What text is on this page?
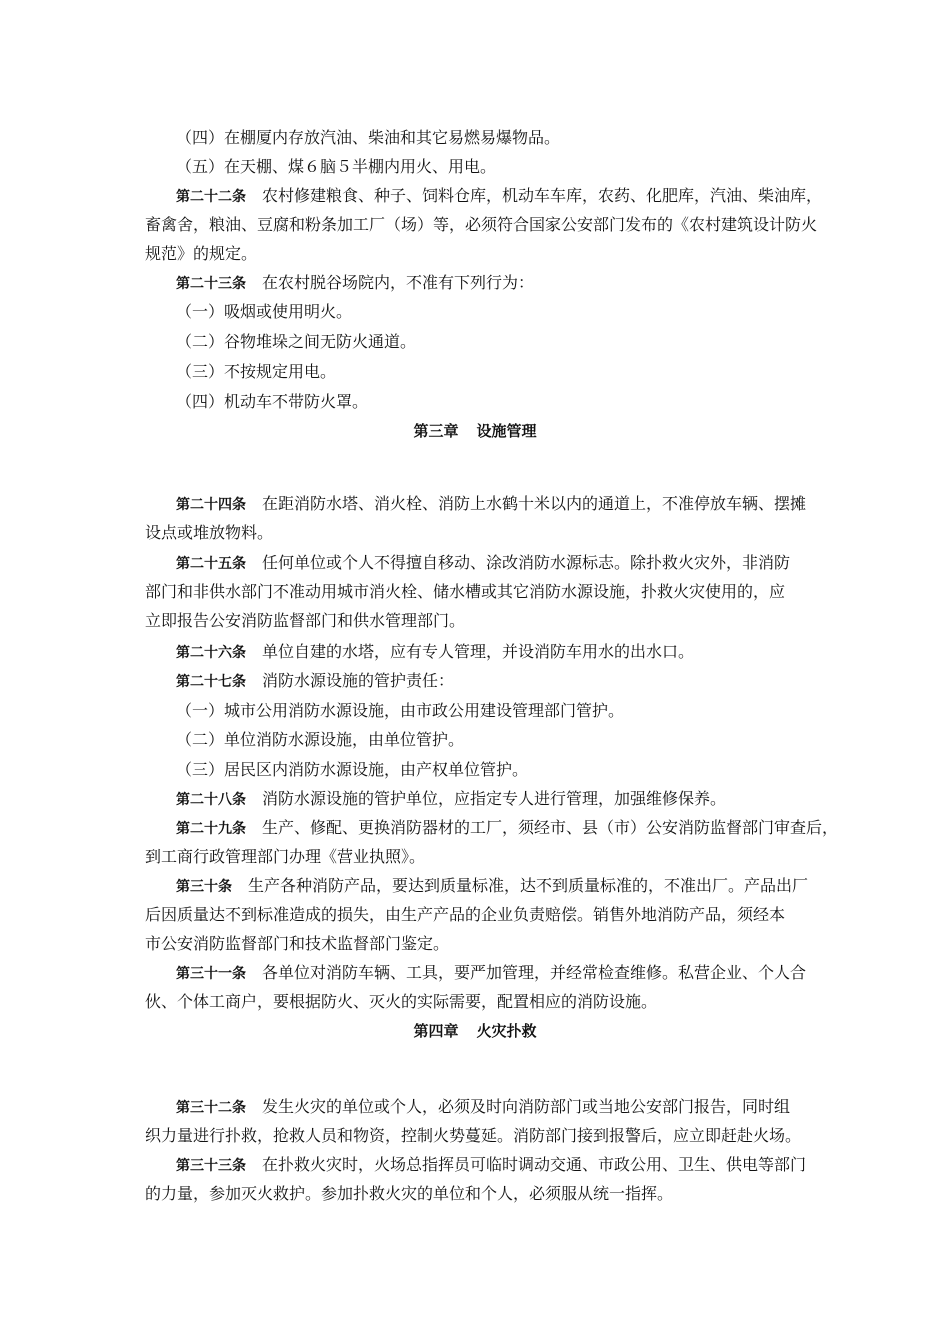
（四）在棚厦内存放汽油、柴油和其它易燃易爆物品。
（五）在天棚、煤６脑５半棚内用火、用电。
第二十二条 农村修建粮食、种子、饲料仓库，机动车车库，农药、化肥库，汽油、柴油库，
畜禽舍，粮油、豆腐和粉条加工厂（场）等，必须符合国家公安部门发布的《农村建筑设计防火
规范》的规定。
第二十三条 在农村脱谷场院内，不准有下列行为：
（一）吸烟或使用明火。
（二）谷物堆垛之间无防火通道。
（三）不按规定用电。
（四）机动车不带防火罩。
第三章 设施管理
第二十四条 在距消防水塔、消火栓、消防上水鹤十米以内的通道上，不准停放车辆、摆摊
设点或堆放物料。
第二十五条 任何单位或个人不得擅自移动、涂改消防水源标志。除扑救火灾外，非消防
部门和非供水部门不准动用城市消火栓、储水槽或其它消防水源设施，扑救火灾使用的，应
立即报告公安消防监督部门和供水管理部门。
第二十六条 单位自建的水塔，应有专人管理，并设消防车用水的出水口。
第二十七条 消防水源设施的管护责任：
（一）城市公用消防水源设施，由市政公用建设管理部门管护。
（二）单位消防水源设施，由单位管护。
（三）居民区内消防水源设施，由产权单位管护。
第二十八条 消防水源设施的管护单位，应指定专人进行管理，加强维修保养。
第二十九条 生产、修配、更换消防器材的工厂，须经市、县（市）公安消防监督部门审查后，
到工商行政管理部门办理《营业执照》。
第三十条 生产各种消防产品，要达到质量标准，达不到质量标准的，不准出厂。产品出厂
后因质量达不到标准造成的损失，由生产产品的企业负责赔偿。销售外地消防产品，须经本
市公安消防监督部门和技术监督部门鉴定。
第三十一条 各单位对消防车辆、工具，要严加管理，并经常检查维修。私营企业、个人合
伙、个体工商户，要根据防火、灭火的实际需要，配置相应的消防设施。
第四章 火灾扑救
第三十二条 发生火灾的单位或个人，必须及时向消防部门或当地公安部门报告，同时组
织力量进行扑救，抢救人员和物资，控制火势蔓延。消防部门接到报警后，应立即赶赴火场。
第三十三条 在扑救火灾时，火场总指挥员可临时调动交通、市政公用、卫生、供电等部门
的力量，参加灭火救护。参加扑救火灾的单位和个人，必须服从统一指挥。
